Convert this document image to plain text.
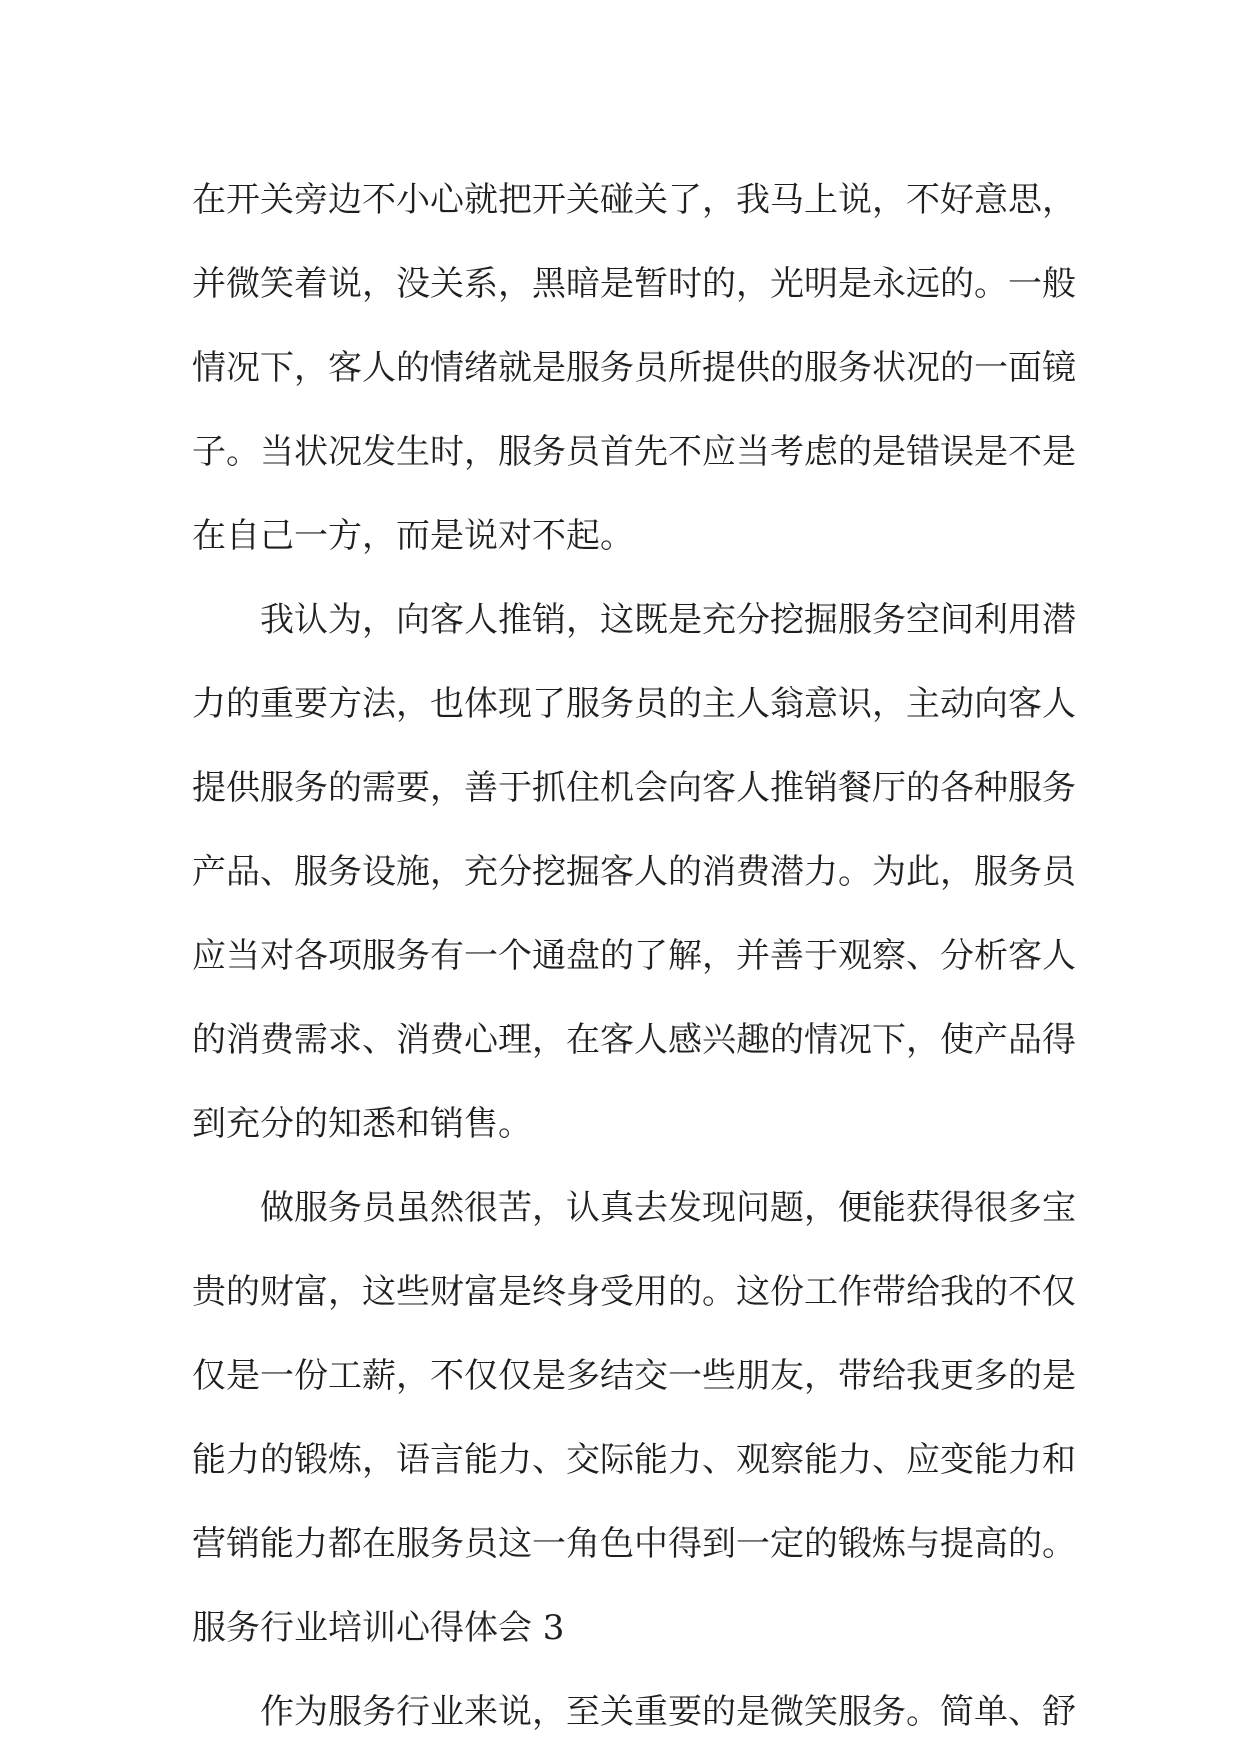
在开关旁边不小心就把开关碰关了，我马上说，不好意思，
并微笑着说，没关系，黑暗是暂时的，光明是永远的。一般
情况下，客人的情绪就是服务员所提供的服务状况的一面镜
子。当状况发生时，服务员首先不应当考虑的是错误是不是
在自己一方，而是说对不起。
我认为，向客人推销，这既是充分挖掘服务空间利用潜
力的重要方法，也体现了服务员的主人翁意识，主动向客人
提供服务的需要，善于抓住机会向客人推销餐厅的各种服务
产品、服务设施，充分挖掘客人的消费潜力。为此，服务员
应当对各项服务有一个通盘的了解，并善于观察、分析客人
的消费需求、消费心理，在客人感兴趣的情况下，使产品得
到充分的知悉和销售。
做服务员虽然很苦，认真去发现问题，便能获得很多宝
贵的财富，这些财富是终身受用的。这份工作带给我的不仅
仅是一份工薪，不仅仅是多结交一些朋友，带给我更多的是
能力的锻炼，语言能力、交际能力、观察能力、应变能力和
营销能力都在服务员这一角色中得到一定的锻炼与提高的。
服务行业培训心得体会 3
作为服务行业来说，至关重要的是微笑服务。简单、舒
